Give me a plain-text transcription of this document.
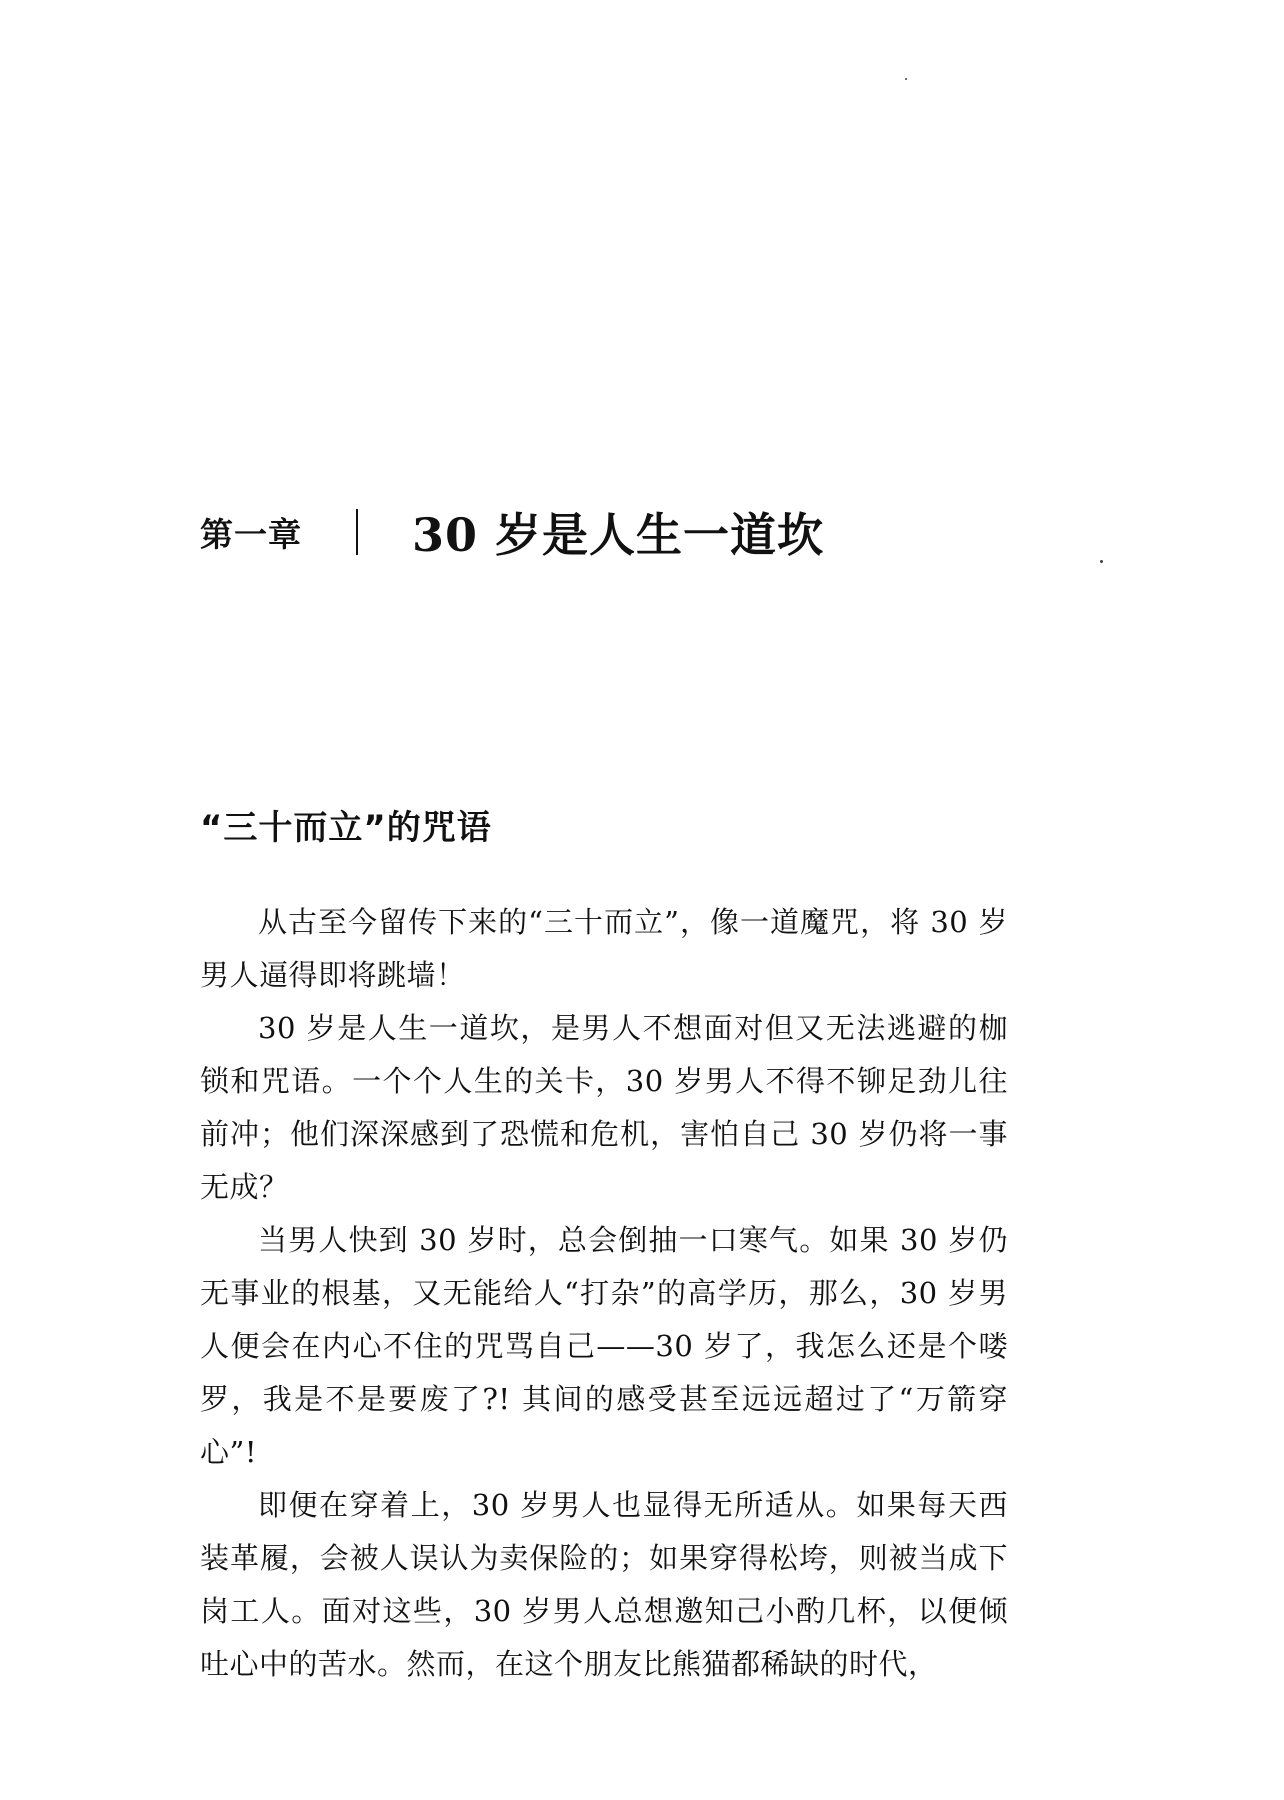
第一章 30 岁是人生一道坎
“三十而立”的咒语

从古至今留传下来的“三十而立”，像一道魔咒，将 30 岁男人逼得即将跳墙！

30 岁是人生一道坎，是男人不想面对但又无法逃避的枷锁和咒语。一个个人生的关卡，30 岁男人不得不铆足劲儿往前冲；他们深深感到了恐慌和危机，害怕自己 30 岁仍将一事无成？

当男人快到 30 岁时，总会倒抽一口寒气。如果 30 岁仍无事业的根基，又无能给人“打杂”的高学历，那么，30 岁男人便会在内心不住的咒骂自己——30 岁了，我怎么还是个喽罗，我是不是要废了?! 其间的感受甚至远远超过了“万箭穿心”!

即便在穿着上，30 岁男人也显得无所适从。如果每天西装革履，会被人误认为卖保险的；如果穿得松垮，则被当成下岗工人。面对这些，30 岁男人总想邀知己小酌几杯，以便倾吐心中的苦水。然而，在这个朋友比熊猫都稀缺的时代，
